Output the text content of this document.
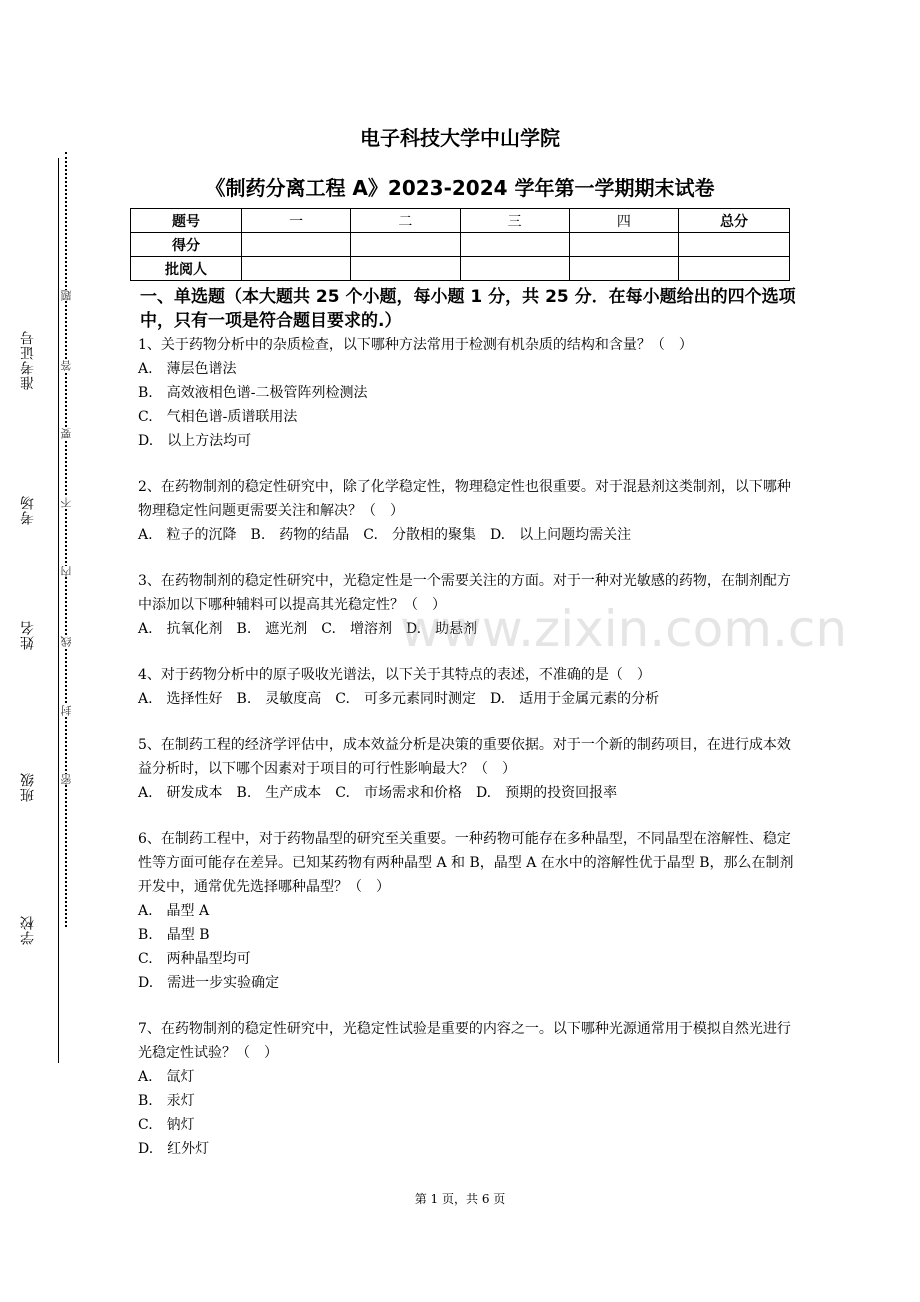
准考证号
考场
姓名
班级
学校
题
答
要
不
内
线
封
密
电子科技大学中山学院
《制药分离工程 A》2023-2024 学年第一学期期末试卷
题号	一	二	三	四	总分
得分					
批阅人					
一、单选题（本大题共 25 个小题，每小题 1 分，共 25 分．在每小题给出的四个选项中，只有一项是符合题目要求的.）

1、关于药物分析中的杂质检查，以下哪种方法常用于检测有机杂质的结构和含量？（　）

A.　薄层色谱法

B.　高效液相色谱-二极管阵列检测法

C.　气相色谱-质谱联用法

D.　以上方法均可

2、在药物制剂的稳定性研究中，除了化学稳定性，物理稳定性也很重要。对于混悬剂这类制剂，以下哪种物理稳定性问题更需要关注和解决？（　）

A.　粒子的沉降　B.　药物的结晶　C.　分散相的聚集　D.　以上问题均需关注

3、在药物制剂的稳定性研究中，光稳定性是一个需要关注的方面。对于一种对光敏感的药物，在制剂配方中添加以下哪种辅料可以提高其光稳定性？（　）

A.　抗氧化剂　B.　遮光剂　C.　增溶剂　D.　助悬剂

4、对于药物分析中的原子吸收光谱法，以下关于其特点的表述，不准确的是（　）

A.　选择性好　B.　灵敏度高　C.　可多元素同时测定　D.　适用于金属元素的分析

5、在制药工程的经济学评估中，成本效益分析是决策的重要依据。对于一个新的制药项目，在进行成本效益分析时，以下哪个因素对于项目的可行性影响最大？（　）

A.　研发成本　B.　生产成本　C.　市场需求和价格　D.　预期的投资回报率

6、在制药工程中，对于药物晶型的研究至关重要。一种药物可能存在多种晶型，不同晶型在溶解性、稳定性等方面可能存在差异。已知某药物有两种晶型 A 和 B，晶型 A 在水中的溶解性优于晶型 B，那么在制剂开发中，通常优先选择哪种晶型？（　）

A.　晶型 A

B.　晶型 B

C.　两种晶型均可

D.　需进一步实验确定

7、在药物制剂的稳定性研究中，光稳定性试验是重要的内容之一。以下哪种光源通常用于模拟自然光进行光稳定性试验？（　）

A.　氙灯

B.　汞灯

C.　钠灯

D.　红外灯

www.zixin.com.cn
第 1 页，共 6 页
